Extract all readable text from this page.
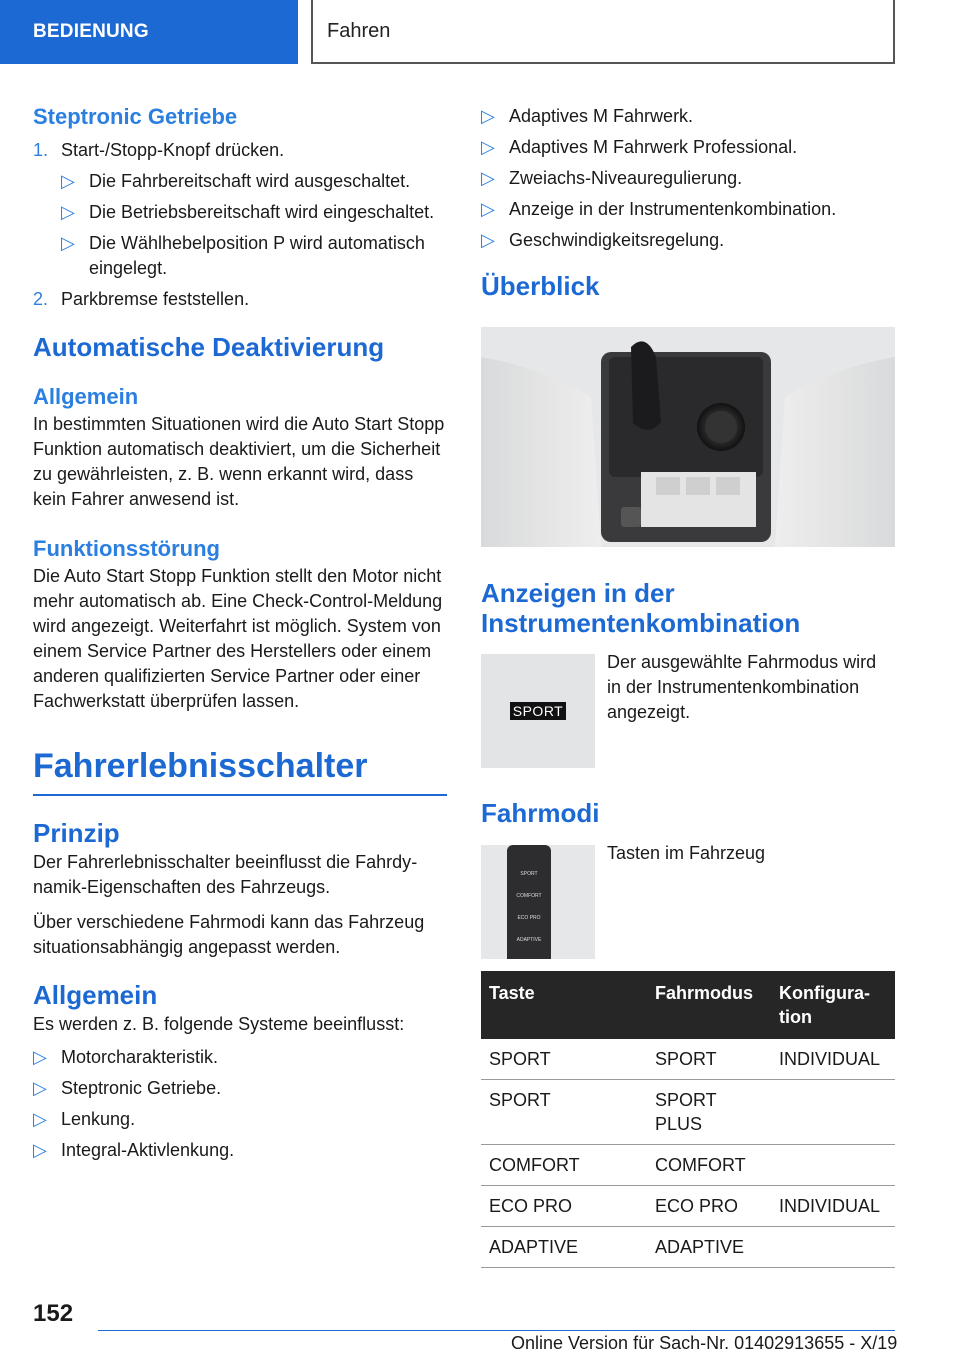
BEDIENUNG	Fahren
Steptronic Getriebe
1. Start-/Stopp-Knopf drücken.
▷ Die Fahrbereitschaft wird ausgeschaltet.
▷ Die Betriebsbereitschaft wird eingeschaltet.
▷ Die Wählhebelposition P wird automatisch eingelegt.
2. Parkbremse feststellen.
Automatische Deaktivierung
Allgemein

In bestimmten Situationen wird die Auto Start Stopp Funktion automatisch deaktiviert, um die Sicherheit zu gewährleisten, z. B. wenn erkannt wird, dass kein Fahrer anwesend ist.

Funktionsstörung

Die Auto Start Stopp Funktion stellt den Motor nicht mehr automatisch ab. Eine Check-Control-Meldung wird angezeigt. Weiterfahrt ist möglich. System von einem Service Partner des Herstellers oder einem anderen qualifizierten Service Partner oder einer Fachwerkstatt überprüfen lassen.

Fahrerlebnisschalter
Prinzip

Der Fahrerlebnisschalter beeinflusst die Fahrdynamik-Eigenschaften des Fahrzeugs.

Über verschiedene Fahrmodi kann das Fahrzeug situationsabhängig angepasst werden.

Allgemein

Es werden z. B. folgende Systeme beeinflusst:

▷ Motorcharakteristik.
▷ Steptronic Getriebe.
▷ Lenkung.
▷ Integral-Aktivlenkung.
▷ Adaptives M Fahrwerk.
▷ Adaptives M Fahrwerk Professional.
▷ Zweiachs-Niveauregulierung.
▷ Anzeige in der Instrumentenkombination.
▷ Geschwindigkeitsregelung.
Überblick
Anzeigen in der Instrumentenkombination
SPORT

Der ausgewählte Fahrmodus wird in der Instrumentenkombination angezeigt.

Fahrmodi
SPORT
COMFORT
ECO PRO
ADAPTIVE

Tasten im Fahrzeug

Taste	Fahrmodus	Konfiguration
SPORT	SPORT	INDIVIDUAL
SPORT	SPORT PLUS	
COMFORT	COMFORT	
ECO PRO	ECO PRO	INDIVIDUAL
ADAPTIVE	ADAPTIVE	
152
Online Version für Sach-Nr. 01402913655 - X/19
